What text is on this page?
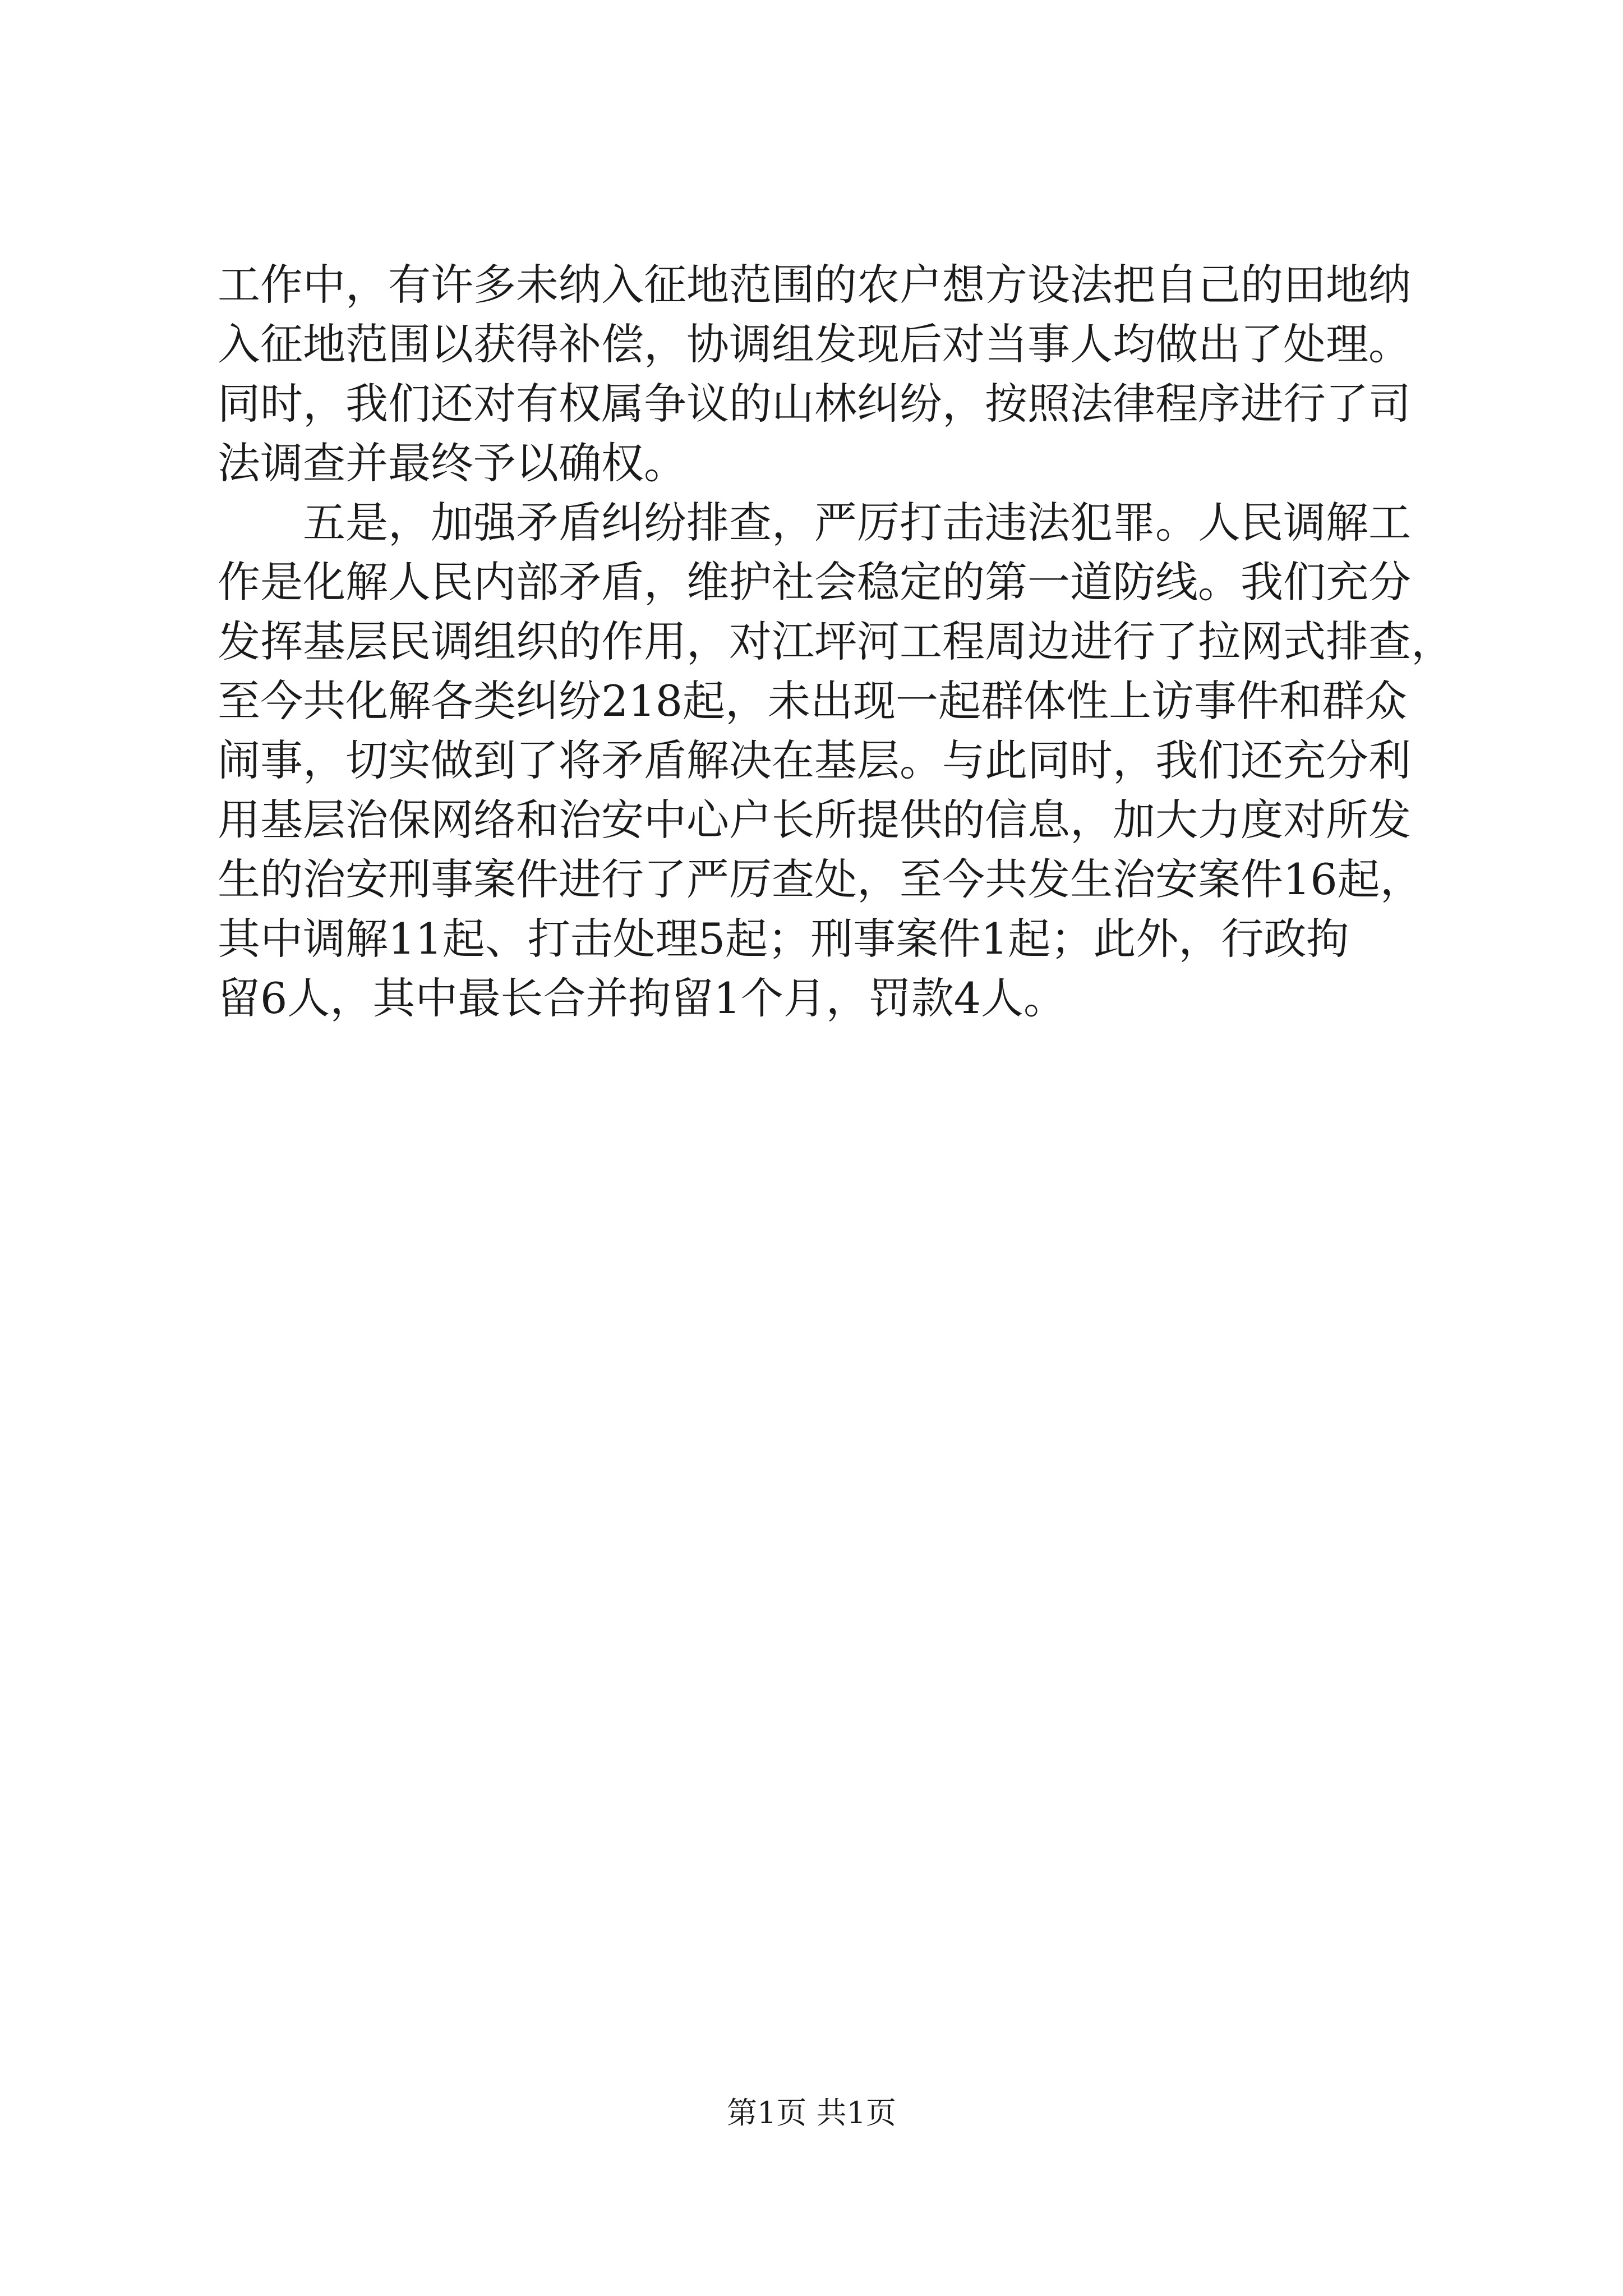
工作中，有许多未纳入征地范围的农户想方设法把自己的田地纳
入征地范围以获得补偿，协调组发现后对当事人均做出了处理。
同时，我们还对有权属争议的山林纠纷，按照法律程序进行了司
法调查并最终予以确权。
　　五是，加强矛盾纠纷排查，严厉打击违法犯罪。人民调解工
作是化解人民内部矛盾，维护社会稳定的第一道防线。我们充分
发挥基层民调组织的作用，对江坪河工程周边进行了拉网式排查，
至今共化解各类纠纷218起，未出现一起群体性上访事件和群众
闹事，切实做到了将矛盾解决在基层。与此同时，我们还充分利
用基层治保网络和治安中心户长所提供的信息，加大力度对所发
生的治安刑事案件进行了严厉查处，至今共发生治安案件16起，
其中调解11起、打击处理5起；刑事案件1起；此外，行政拘
留6人，其中最长合并拘留1个月，罚款4人。
第1页 共1页
